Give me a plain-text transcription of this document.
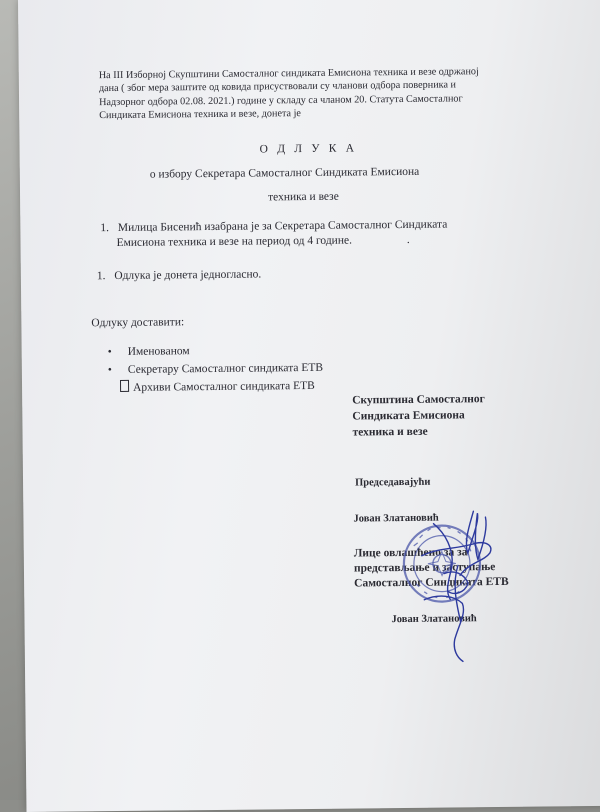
На III Изборној Скупштини Самосталног синдиката Емисиона техника и везе одржаној
дана ( због мера заштите од ковида присуствовали су чланови одбора поверника и
Надзорног одбора 02.08. 2021.) године у складу са чланом 20. Статута Самосталног
Синдиката Емисиона техника и везе, донета је
О Д Л У К А
о избору Секретара Самосталног Синдиката Емисиона
техника и везе
1. Милица Бисенић изабрана је за Секретара Самосталног Синдиката
Емисиона техника и везе на период од 4 године.	.
1. Одлука је донета једногласно.
Одлуку доставити:
• Именованом
• Секретару Самосталног синдиката ЕТВ
Архиви Самосталног синдиката ЕТВ
Скупштина Самосталног
Синдиката Емисиона
техника и везе
Председавајући
Јован Златановић
Лице овлашћено за за
представљање и заступање
Самосталног Синдиката ЕТВ
Јован Златановић
